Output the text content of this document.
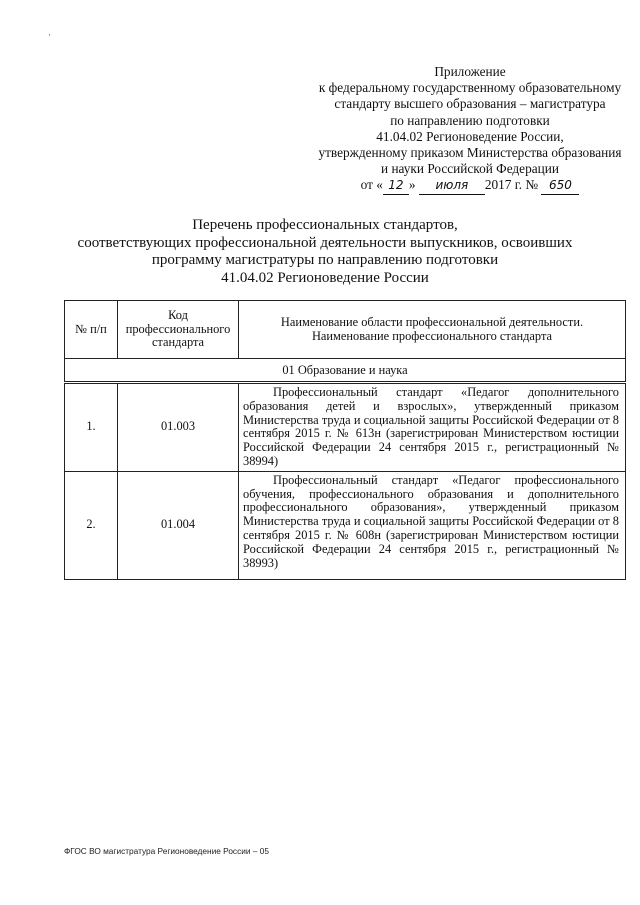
·
Приложение
к федеральному государственному образовательному
стандарту высшего образования – магистратура
по направлению подготовки
41.04.02 Регионоведение России,
утвержденному приказом Министерства образования
и науки Российской Федерации
от « 12 » июля 2017 г. № 650
Перечень профессиональных стандартов,
соответствующих профессиональной деятельности выпускников, освоивших
программу магистратуры по направлению подготовки
41.04.02 Регионоведение России
№ п/п	Код профессионального стандарта	Наименование области профессиональной деятельности. Наименование профессионального стандарта
01 Образование и наука		
1.	01.003	Профессиональный стандарт «Педагог дополнительного образования детей и взрослых», утвержденный приказом Министерства труда и социальной защиты Российской Федерации от 8 сентября 2015 г. № 613н (зарегистрирован Министерством юстиции Российской Федерации 24 сентября 2015 г., регистрационный № 38994)
2.	01.004	Профессиональный стандарт «Педагог профессионального обучения, профессионального образования и дополнительного профессионального образования», утвержденный приказом Министерства труда и социальной защиты Российской Федерации от 8 сентября 2015 г. № 608н (зарегистрирован Министерством юстиции Российской Федерации 24 сентября 2015 г., регистрационный № 38993)
ФГОС ВО магистратура Регионоведение России – 05
